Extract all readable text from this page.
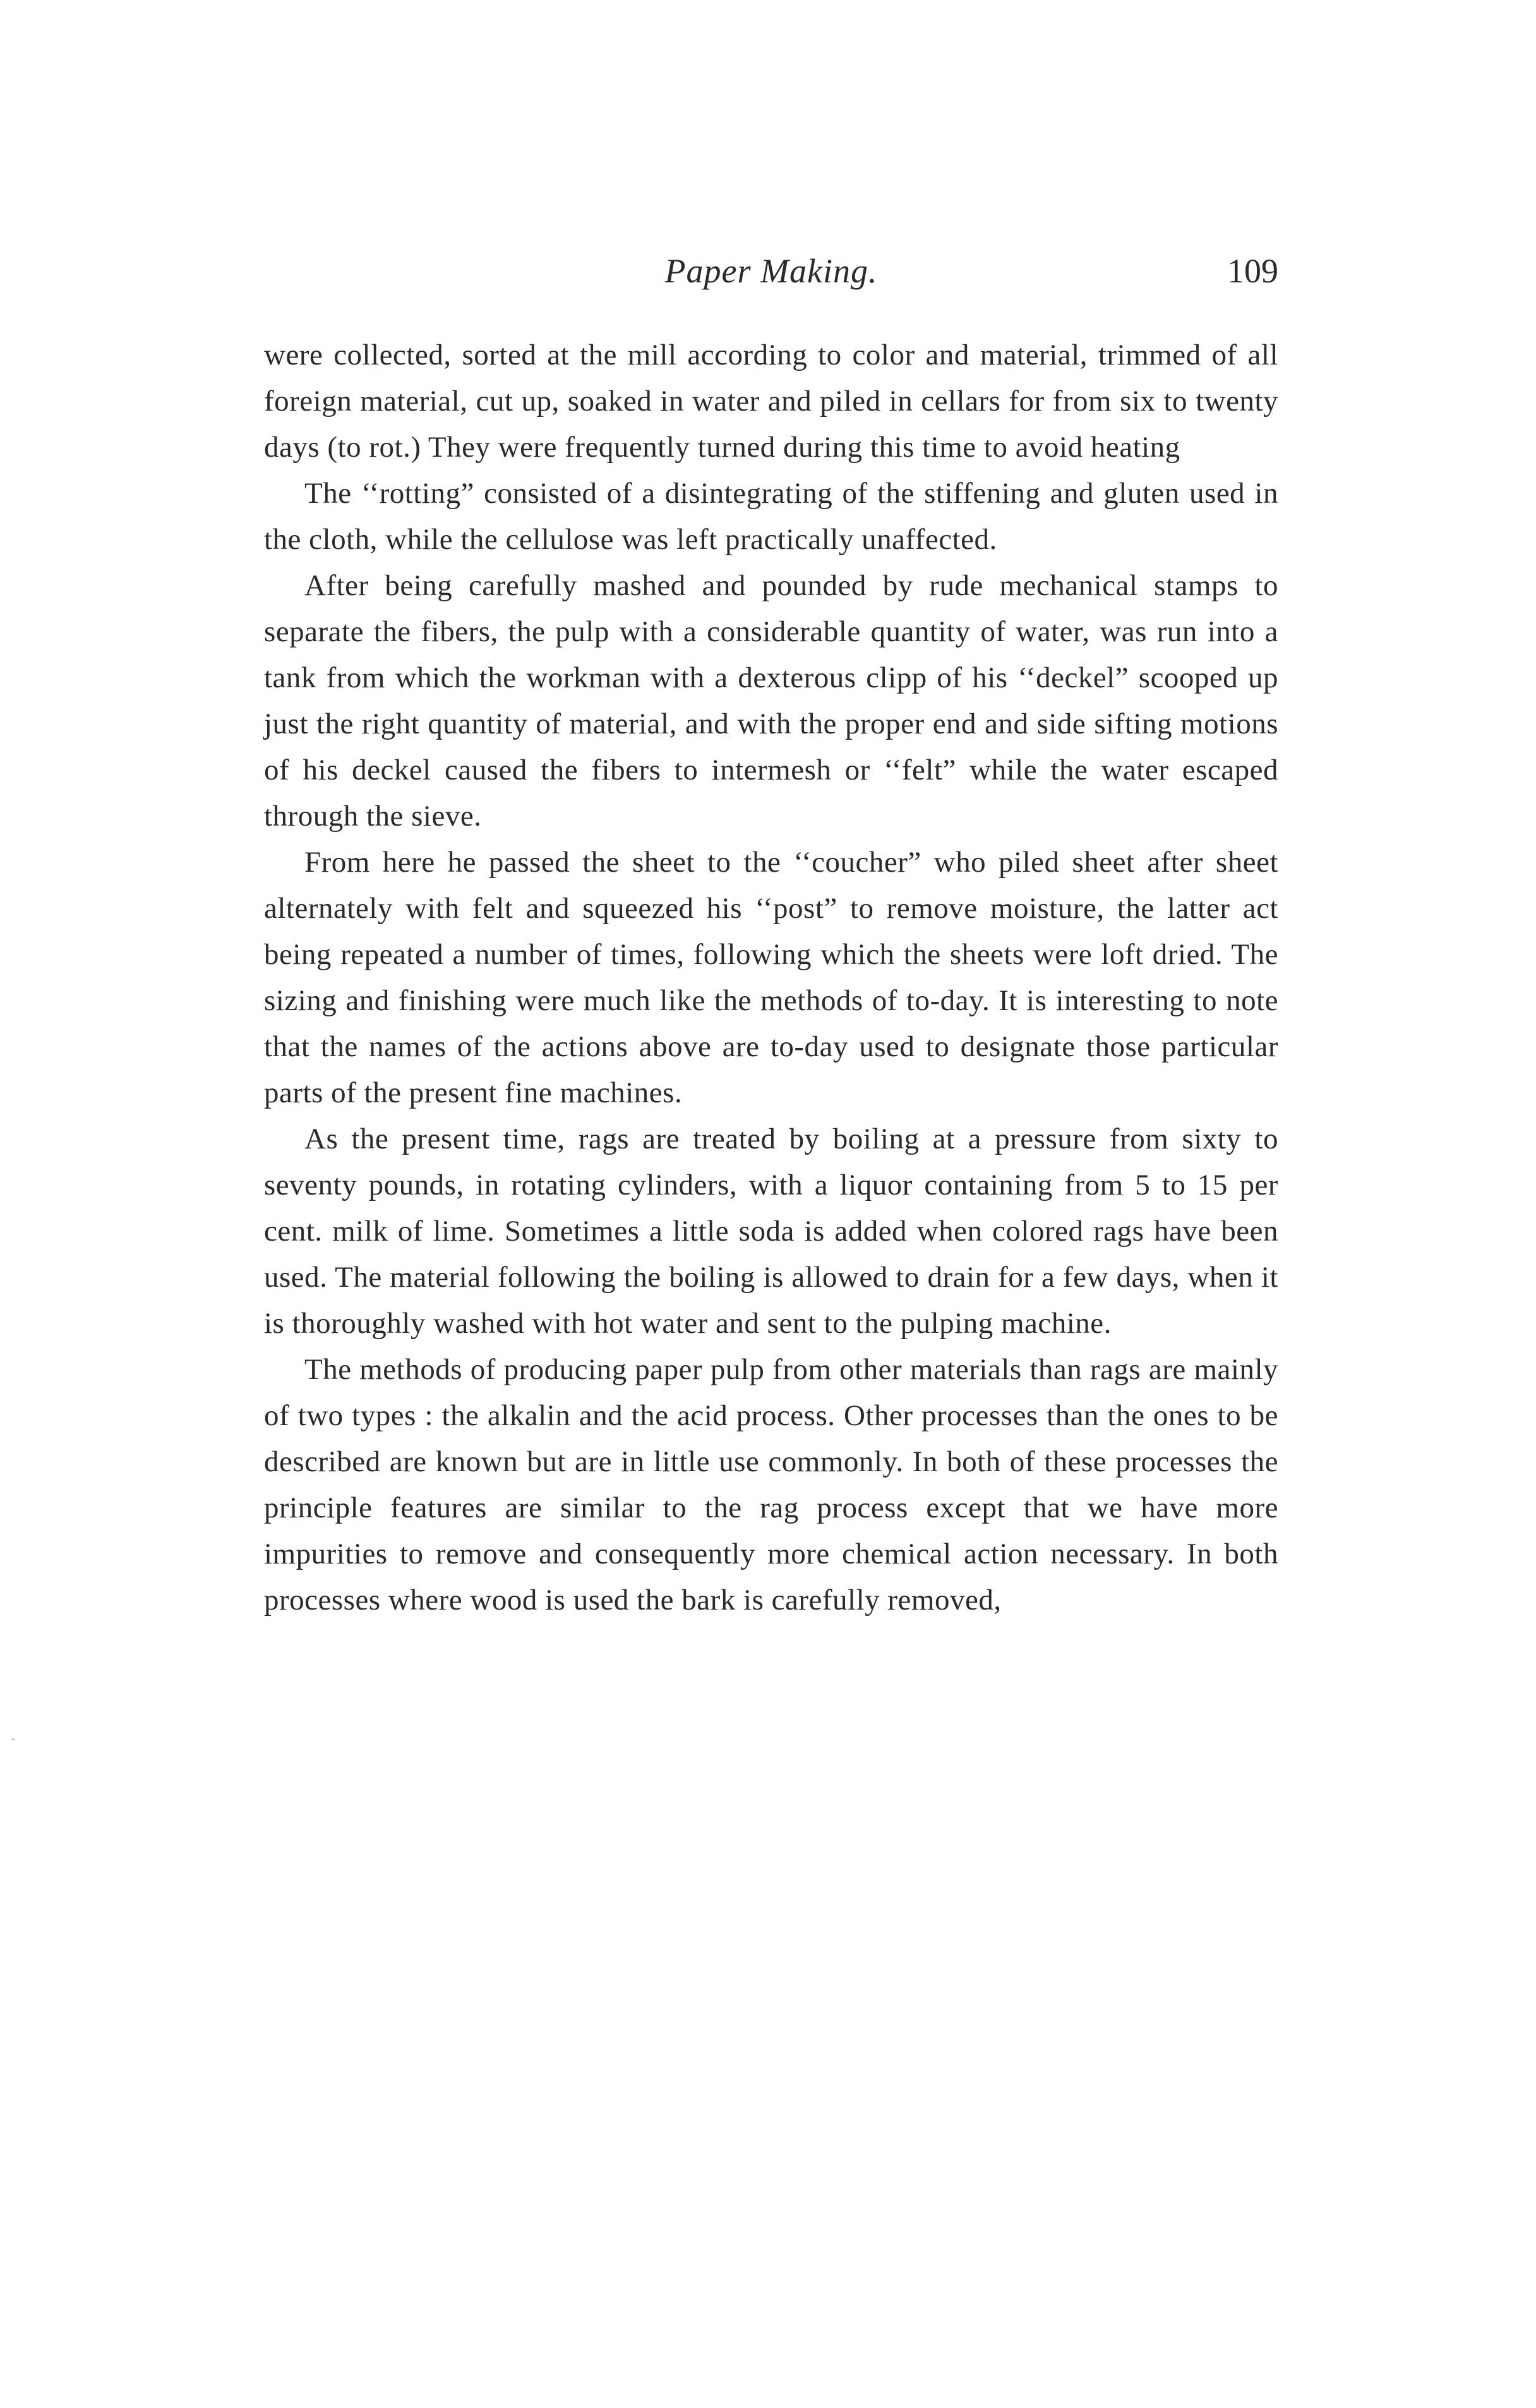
Paper Making.	109

were collected, sorted at the mill according to color and material, trimmed of all foreign material, cut up, soaked in water and piled in cellars for from six to twenty days (to rot.) They were frequently turned during this time to avoid heating

The ‘‘rotting” consisted of a disintegrating of the stiffening and gluten used in the cloth, while the cellulose was left practically unaffected.

After being carefully mashed and pounded by rude mechanical stamps to separate the fibers, the pulp with a considerable quantity of water, was run into a tank from which the workman with a dexterous clipp of his ‘‘deckel” scooped up just the right quantity of material, and with the proper end and side sifting motions of his deckel caused the fibers to intermesh or ‘‘felt” while the water escaped through the sieve.

From here he passed the sheet to the ‘‘coucher” who piled sheet after sheet alternately with felt and squeezed his ‘‘post” to remove moisture, the latter act being repeated a number of times, following which the sheets were loft dried. The sizing and finishing were much like the methods of to-day. It is interesting to note that the names of the actions above are to-day used to designate those particular parts of the present fine machines.

As the present time, rags are treated by boiling at a pressure from sixty to seventy pounds, in rotating cylinders, with a liquor containing from 5 to 15 per cent. milk of lime. Sometimes a little soda is added when colored rags have been used. The material following the boiling is allowed to drain for a few days, when it is thoroughly washed with hot water and sent to the pulping machine.

The methods of producing paper pulp from other materials than rags are mainly of two types : the alkalin and the acid process. Other processes than the ones to be described are known but are in little use commonly. In both of these processes the principle features are similar to the rag process except that we have more impurities to remove and consequently more chemical action necessary. In both processes where wood is used the bark is carefully removed,
